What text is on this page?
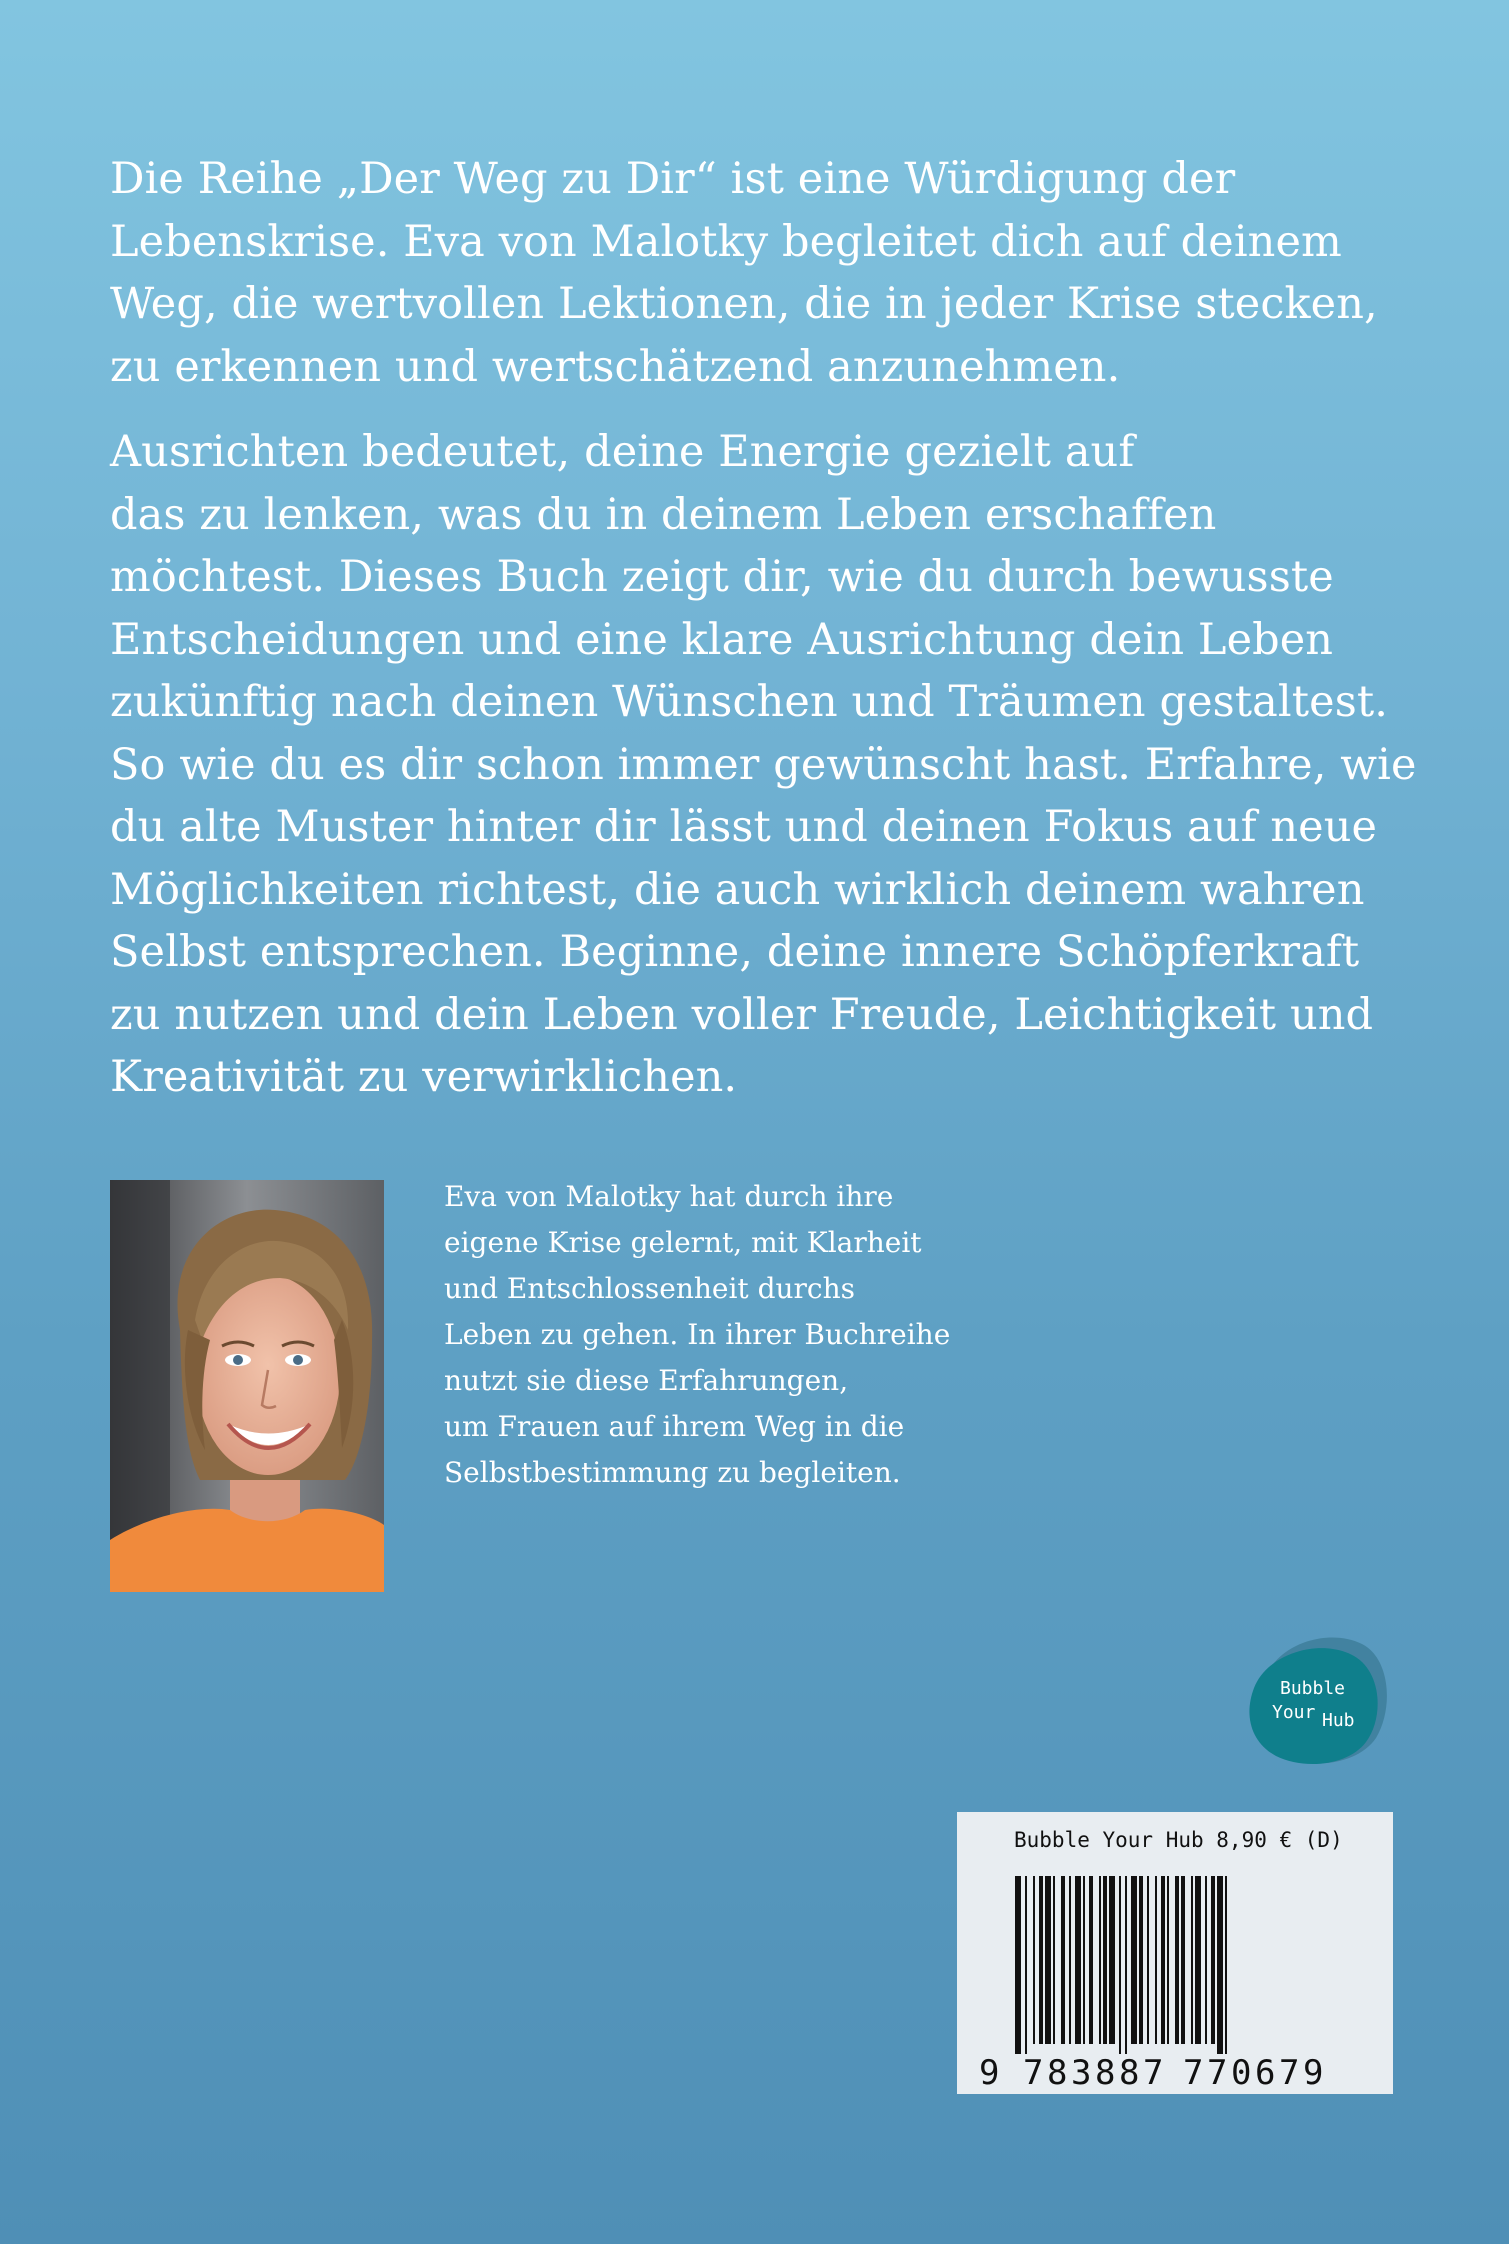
Die Reihe „Der Weg zu Dir“ ist eine Würdigung der
Lebenskrise. Eva von Malotky begleitet dich auf deinem
Weg, die wertvollen Lektionen, die in jeder Krise stecken,
zu erkennen und wertschätzend anzunehmen.
Ausrichten bedeutet, deine Energie gezielt auf
das zu lenken, was du in deinem Leben erschaffen
möchtest. Dieses Buch zeigt dir, wie du durch bewusste
Entscheidungen und eine klare Ausrichtung dein Leben
zukünftig nach deinen Wünschen und Träumen gestaltest.
So wie du es dir schon immer gewünscht hast. Erfahre, wie
du alte Muster hinter dir lässt und deinen Fokus auf neue
Möglichkeiten richtest, die auch wirklich deinem wahren
Selbst entsprechen. Beginne, deine innere Schöpferkraft
zu nutzen und dein Leben voller Freude, Leichtigkeit und
Kreativität zu verwirklichen.
Eva von Malotky hat durch ihre
eigene Krise gelernt, mit Klarheit
und Entschlossenheit durchs
Leben zu gehen. In ihrer Buchreihe
nutzt sie diese Erfahrungen,
um Frauen auf ihrem Weg in die
Selbstbestimmung zu begleiten.
Bubble
Your Hub
Bubble Your Hub 8,90 € (D)
9 7 8 3 8 8 7 7 7 0 6 7 9
